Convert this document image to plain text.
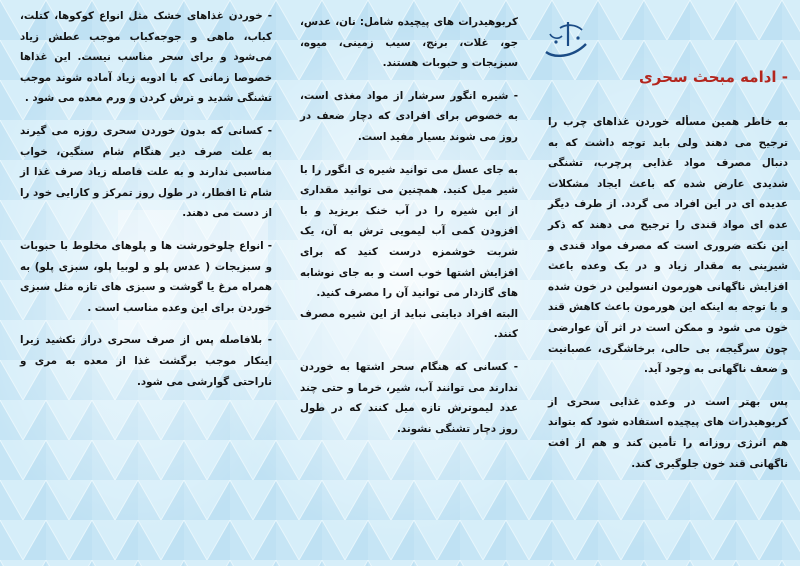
- ادامه مبحث سحری

به خاطر همین مسأله خوردن غذاهای چرب را ترجیح می دهند ولی باید توجه داشت که به دنبال مصرف مواد غذایی پرچرب، تشنگی شدیدی عارض شده که باعث ایجاد مشکلات عدیده ای در این افراد می گردد. از طرف دیگر عده ای مواد قندی را ترجیح می دهند که ذکر این نکته ضروری است که مصرف مواد قندی و شیرینی به مقدار زیاد و در یک وعده باعث افزایش ناگهانی هورمون انسولین در خون شده و با توجه به اینکه این هورمون باعث کاهش قند خون می شود و ممکن است در اثر آن عوارضی چون سرگیجه، بی حالی، برخاشگری، عصبانیت و ضعف ناگهانی به وجود آید.

پس بهتر است در وعده غذایی سحری از کربوهیدرات های پیچیده استفاده شود که بتواند هم انرژی روزانه را تأمین کند و هم از افت ناگهانی قند خون جلوگیری کند.

کربوهیدرات های پیچیده شامل: نان، عدس، جو، غلات، برنج، سیب زمینی، میوه، سبزیجات و حبوبات هستند.

- شیره انگور سرشار از مواد مغذی است، به خصوص برای افرادی که دچار ضعف در روز می شوند بسیار مفید است.

به جای عسل می توانید شیره ی انگور را با شیر میل کنید. همچنین می توانید مقداری از این شیره را در آب خنک بریزید و با افزودن کمی آب لیمویی ترش به آن، یک شربت خوشمزه درست کنید که برای افزایش اشتها خوب است و به جای نوشابه های گازدار می توانید آن را مصرف کنید.

البته افراد دیابتی نباید از این شیره مصرف کنند.

- کسانی که هنگام سحر اشتها به خوردن ندارند می توانند آب، شیر، خرما و حتی چند عدد لیموترش تازه میل کنند که در طول روز دچار تشنگی نشوند.

- خوردن غذاهای خشک مثل انواع کوکوها، کتلت، کباب، ماهی و جوجه‌کباب موجب عطش زیاد می‌شود و برای سحر مناسب نیست. این غذاها خصوصا زمانی که با ادویه زیاد آماده شوند موجب تشنگی شدید و ترش کردن و ورم معده می شود .

- کسانی که بدون خوردن سحری روزه می گیرند به علت صرف دیر هنگام شام سنگین، خواب مناسبی ندارند و به علت فاصله زیاد صرف غذا از شام تا افطار، در طول روز تمرکز و کارایی خود را از دست می دهند.

- انواع چلوخورشت ها و پلوهای مخلوط با حبوبات و سبزیجات ( عدس پلو و لوبیا پلو، سبزی پلو) به همراه مرغ یا گوشت و سبزی های تازه مثل سبزی خوردن برای این وعده مناسب است .

- بلافاصله پس از صرف سحری دراز نکشید زیرا اینکار موجب برگشت غذا از معده به مری و ناراحتی گوارشی می شود.
